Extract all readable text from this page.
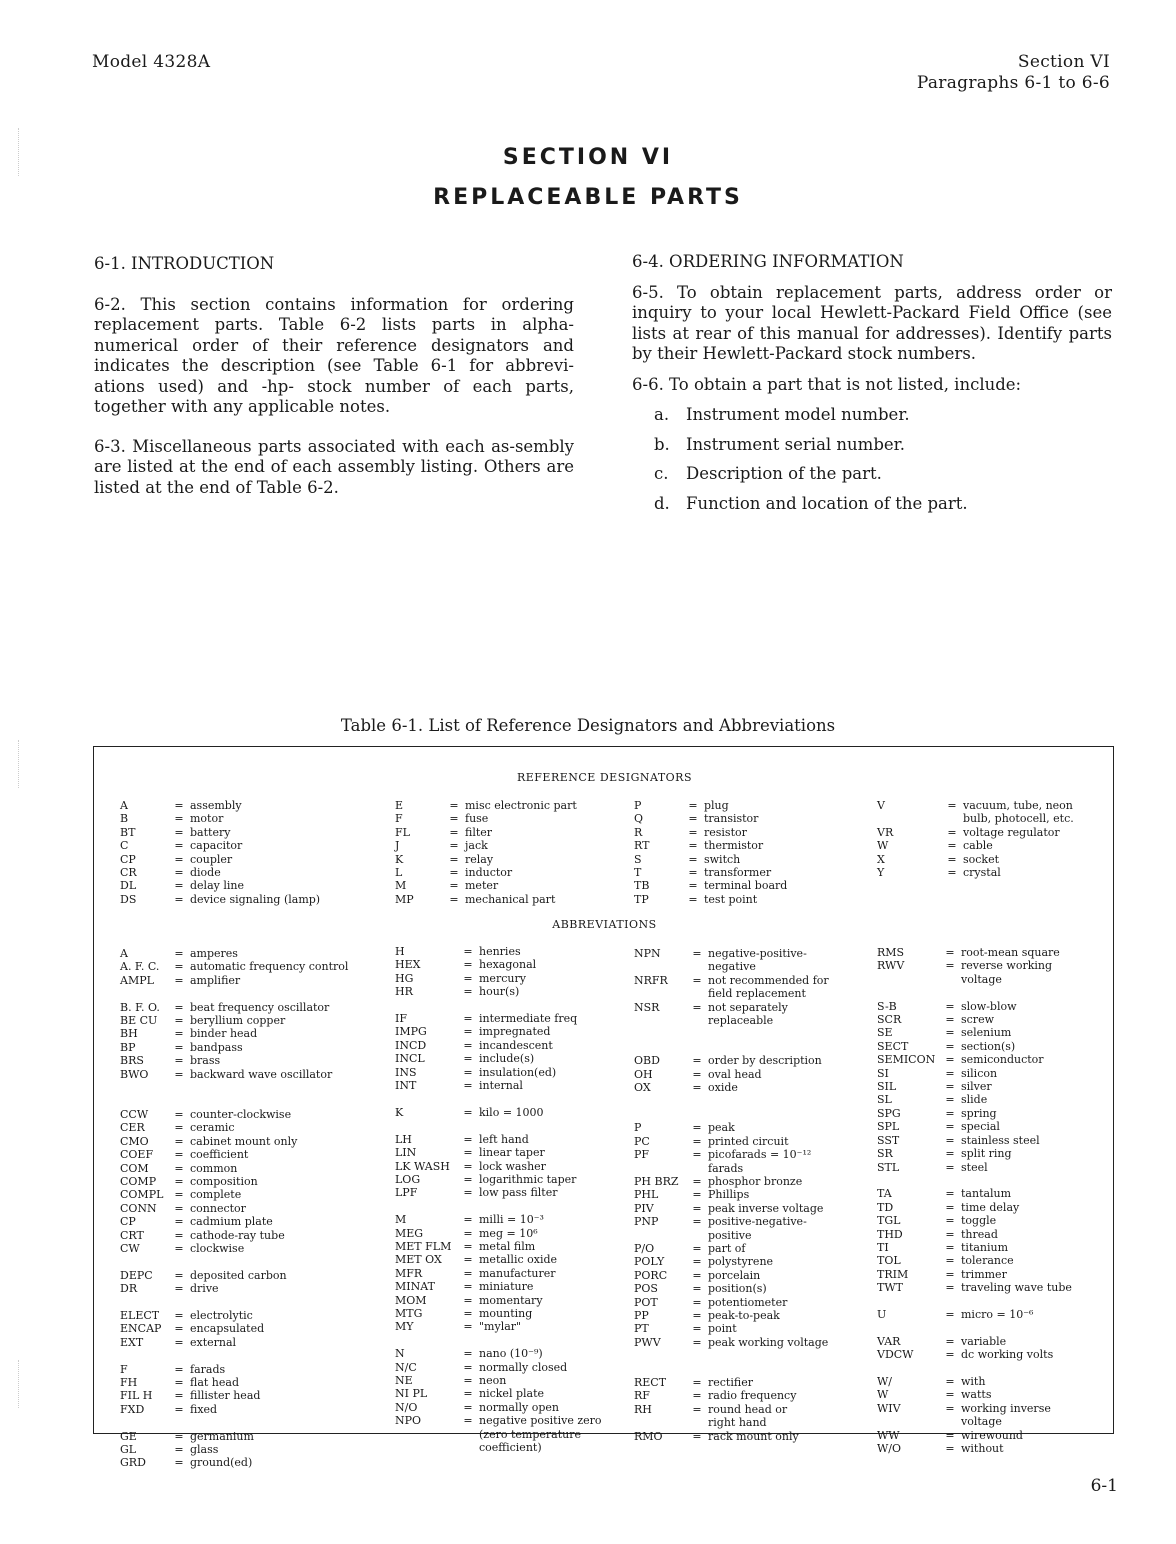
Model 4328A	Section VI
Paragraphs 6-1 to 6-6
SECTION VI
REPLACEABLE PARTS

6-1. INTRODUCTION

6-2. This section contains information for ordering replacement parts. Table 6-2 lists parts in alpha-numerical order of their reference designators and indicates the description (see Table 6-1 for abbrevi-ations used) and -hp- stock number of each parts, together with any applicable notes.

6-3. Miscellaneous parts associated with each as-sembly are listed at the end of each assembly listing. Others are listed at the end of Table 6-2.

6-4. ORDERING INFORMATION

6-5. To obtain replacement parts, address order or inquiry to your local Hewlett-Packard Field Office (see lists at rear of this manual for addresses). Identify parts by their Hewlett-Packard stock numbers.

6-6. To obtain a part that is not listed, include:

a. Instrument model number.
b. Instrument serial number.
c. Description of the part.
d. Function and location of the part.
Table 6-1. List of Reference Designators and Abbreviations
REFERENCE DESIGNATORS
A	= assembly
B	= motor
BT	= battery
C	= capacitor
CP	= coupler
CR	= diode
DL	= delay line
DS	= device signaling (lamp)
E	= misc electronic part
F	= fuse
FL	= filter
J	= jack
K	= relay
L	= inductor
M	= meter
MP	= mechanical part
P	= plug
Q	= transistor
R	= resistor
RT	= thermistor
S	= switch
T	= transformer
TB	= terminal board
TP	= test point
V	= vacuum, tube, neon
bulb, photocell, etc.
VR	= voltage regulator
W	= cable
X	= socket
Y	= crystal
ABBREVIATIONS
A	= amperes
A. F. C. = automatic frequency control
AMPL = amplifier

B. F. O. = beat frequency oscillator
BE CU = beryllium copper
BH	= binder head
BP	= bandpass
BRS	= brass
BWO = backward wave oscillator

CCW = counter-clockwise
CER	= ceramic
CMO = cabinet mount only
COEF = coefficient
COM = common
COMP = composition
COMPL = complete
CONN = connector
CP	= cadmium plate
CRT	= cathode-ray tube
CW	= clockwise

DEPC = deposited carbon
DR	= drive

ELECT = electrolytic
ENCAP = encapsulated
EXT	= external

F	= farads
FH	= flat head
FIL H = fillister head
FXD	= fixed

GE	= germanium
GL	= glass
GRD	= ground(ed)
H	= henries
HEX	= hexagonal
HG	= mercury
HR	= hour(s)

IF	= intermediate freq
IMPG	= impregnated
INCD	= incandescent
INCL	= include(s)
INS	= insulation(ed)
INT	= internal

K	= kilo = 1000

LH	= left hand
LIN	= linear taper
LK WASH = lock washer
LOG	= logarithmic taper
LPF	= low pass filter

M	= milli = 10⁻³
MEG	= meg = 10⁶
MET FLM = metal film
MET OX = metallic oxide
MFR	= manufacturer
MINAT	= miniature
MOM	= momentary
MTG	= mounting
MY	= "mylar"

N	= nano (10⁻⁹)
N/C	= normally closed
NE	= neon
NI PL	= nickel plate
N/O	= normally open
NPO	= negative positive zero
(zero temperature
coefficient)
NPN	= negative-positive-
negative
NRFR = not recommended for
field replacement
NSR	= not separately
replaceable

OBD	= order by description
OH	= oval head
OX	= oxide

P	= peak
PC	= printed circuit
PF	= picofarads = 10⁻¹²
farads
PH BRZ = phosphor bronze
PHL	= Phillips
PIV	= peak inverse voltage
PNP	= positive-negative-
positive
P/O	= part of
POLY	= polystyrene
PORC = porcelain
POS	= position(s)
POT	= potentiometer
PP	= peak-to-peak
PT	= point
PWV	= peak working voltage

RECT = rectifier
RF	= radio frequency
RH	= round head or
right hand
RMO	= rack mount only
RMS	= root-mean square
RWV	= reverse working
voltage

S-B	= slow-blow
SCR	= screw
SE	= selenium
SECT	= section(s)
SEMICON = semiconductor
SI	= silicon
SIL	= silver
SL	= slide
SPG	= spring
SPL	= special
SST	= stainless steel
SR	= split ring
STL	= steel

TA	= tantalum
TD	= time delay
TGL	= toggle
THD	= thread
TI	= titanium
TOL	= tolerance
TRIM	= trimmer
TWT	= traveling wave tube

U	= micro = 10⁻⁶

VAR	= variable
VDCW	= dc working volts

W/	= with
W	= watts
WIV	= working inverse
voltage
WW	= wirewound
W/O	= without
6-1
